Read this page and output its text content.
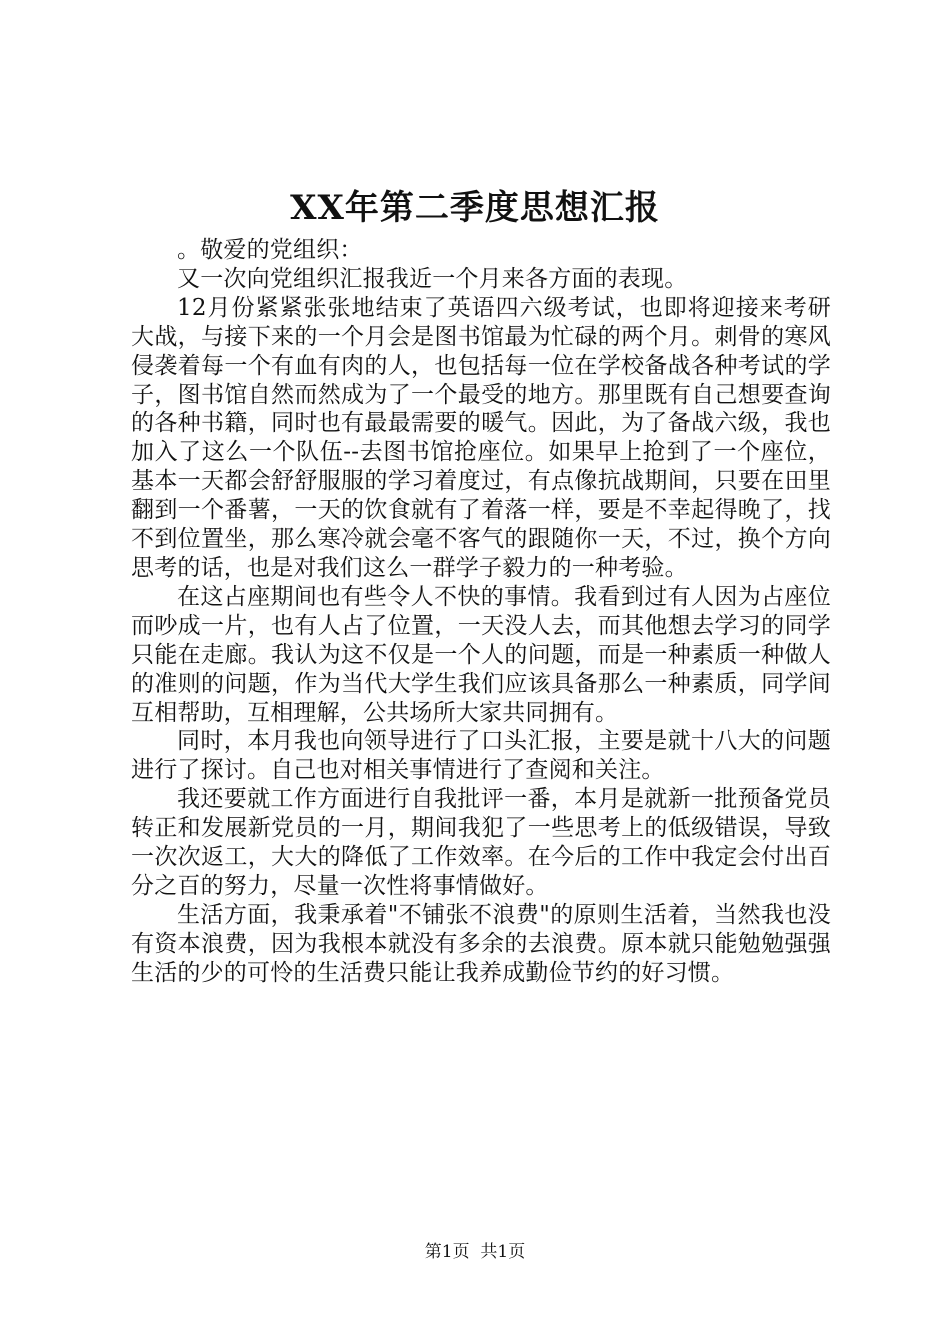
XX年第二季度思想汇报

。敬爱的党组织：

又一次向党组织汇报我近一个月来各方面的表现。

12月份紧紧张张地结束了英语四六级考试，也即将迎接来考研大战，与接下来的一个月会是图书馆最为忙碌的两个月。刺骨的寒风侵袭着每一个有血有肉的人，也包括每一位在学校备战各种考试的学子，图书馆自然而然成为了一个最受的地方。那里既有自己想要查询的各种书籍，同时也有最最需要的暖气。因此，为了备战六级，我也加入了这么一个队伍--去图书馆抢座位。如果早上抢到了一个座位，基本一天都会舒舒服服的学习着度过，有点像抗战期间，只要在田里翻到一个番薯，一天的饮食就有了着落一样，要是不幸起得晚了，找不到位置坐，那么寒冷就会毫不客气的跟随你一天，不过，换个方向思考的话，也是对我们这么一群学子毅力的一种考验。

在这占座期间也有些令人不快的事情。我看到过有人因为占座位而吵成一片，也有人占了位置，一天没人去，而其他想去学习的同学只能在走廊。我认为这不仅是一个人的问题，而是一种素质一种做人的准则的问题，作为当代大学生我们应该具备那么一种素质，同学间互相帮助，互相理解，公共场所大家共同拥有。

同时，本月我也向领导进行了口头汇报，主要是就十八大的问题进行了探讨。自己也对相关事情进行了查阅和关注。

我还要就工作方面进行自我批评一番，本月是就新一批预备党员转正和发展新党员的一月，期间我犯了一些思考上的低级错误，导致一次次返工，大大的降低了工作效率。在今后的工作中我定会付出百分之百的努力，尽量一次性将事情做好。

生活方面，我秉承着"不铺张不浪费"的原则生活着，当然我也没有资本浪费，因为我根本就没有多余的去浪费。原本就只能勉勉强强生活的少的可怜的生活费只能让我养成勤俭节约的好习惯。

第1页 共1页
